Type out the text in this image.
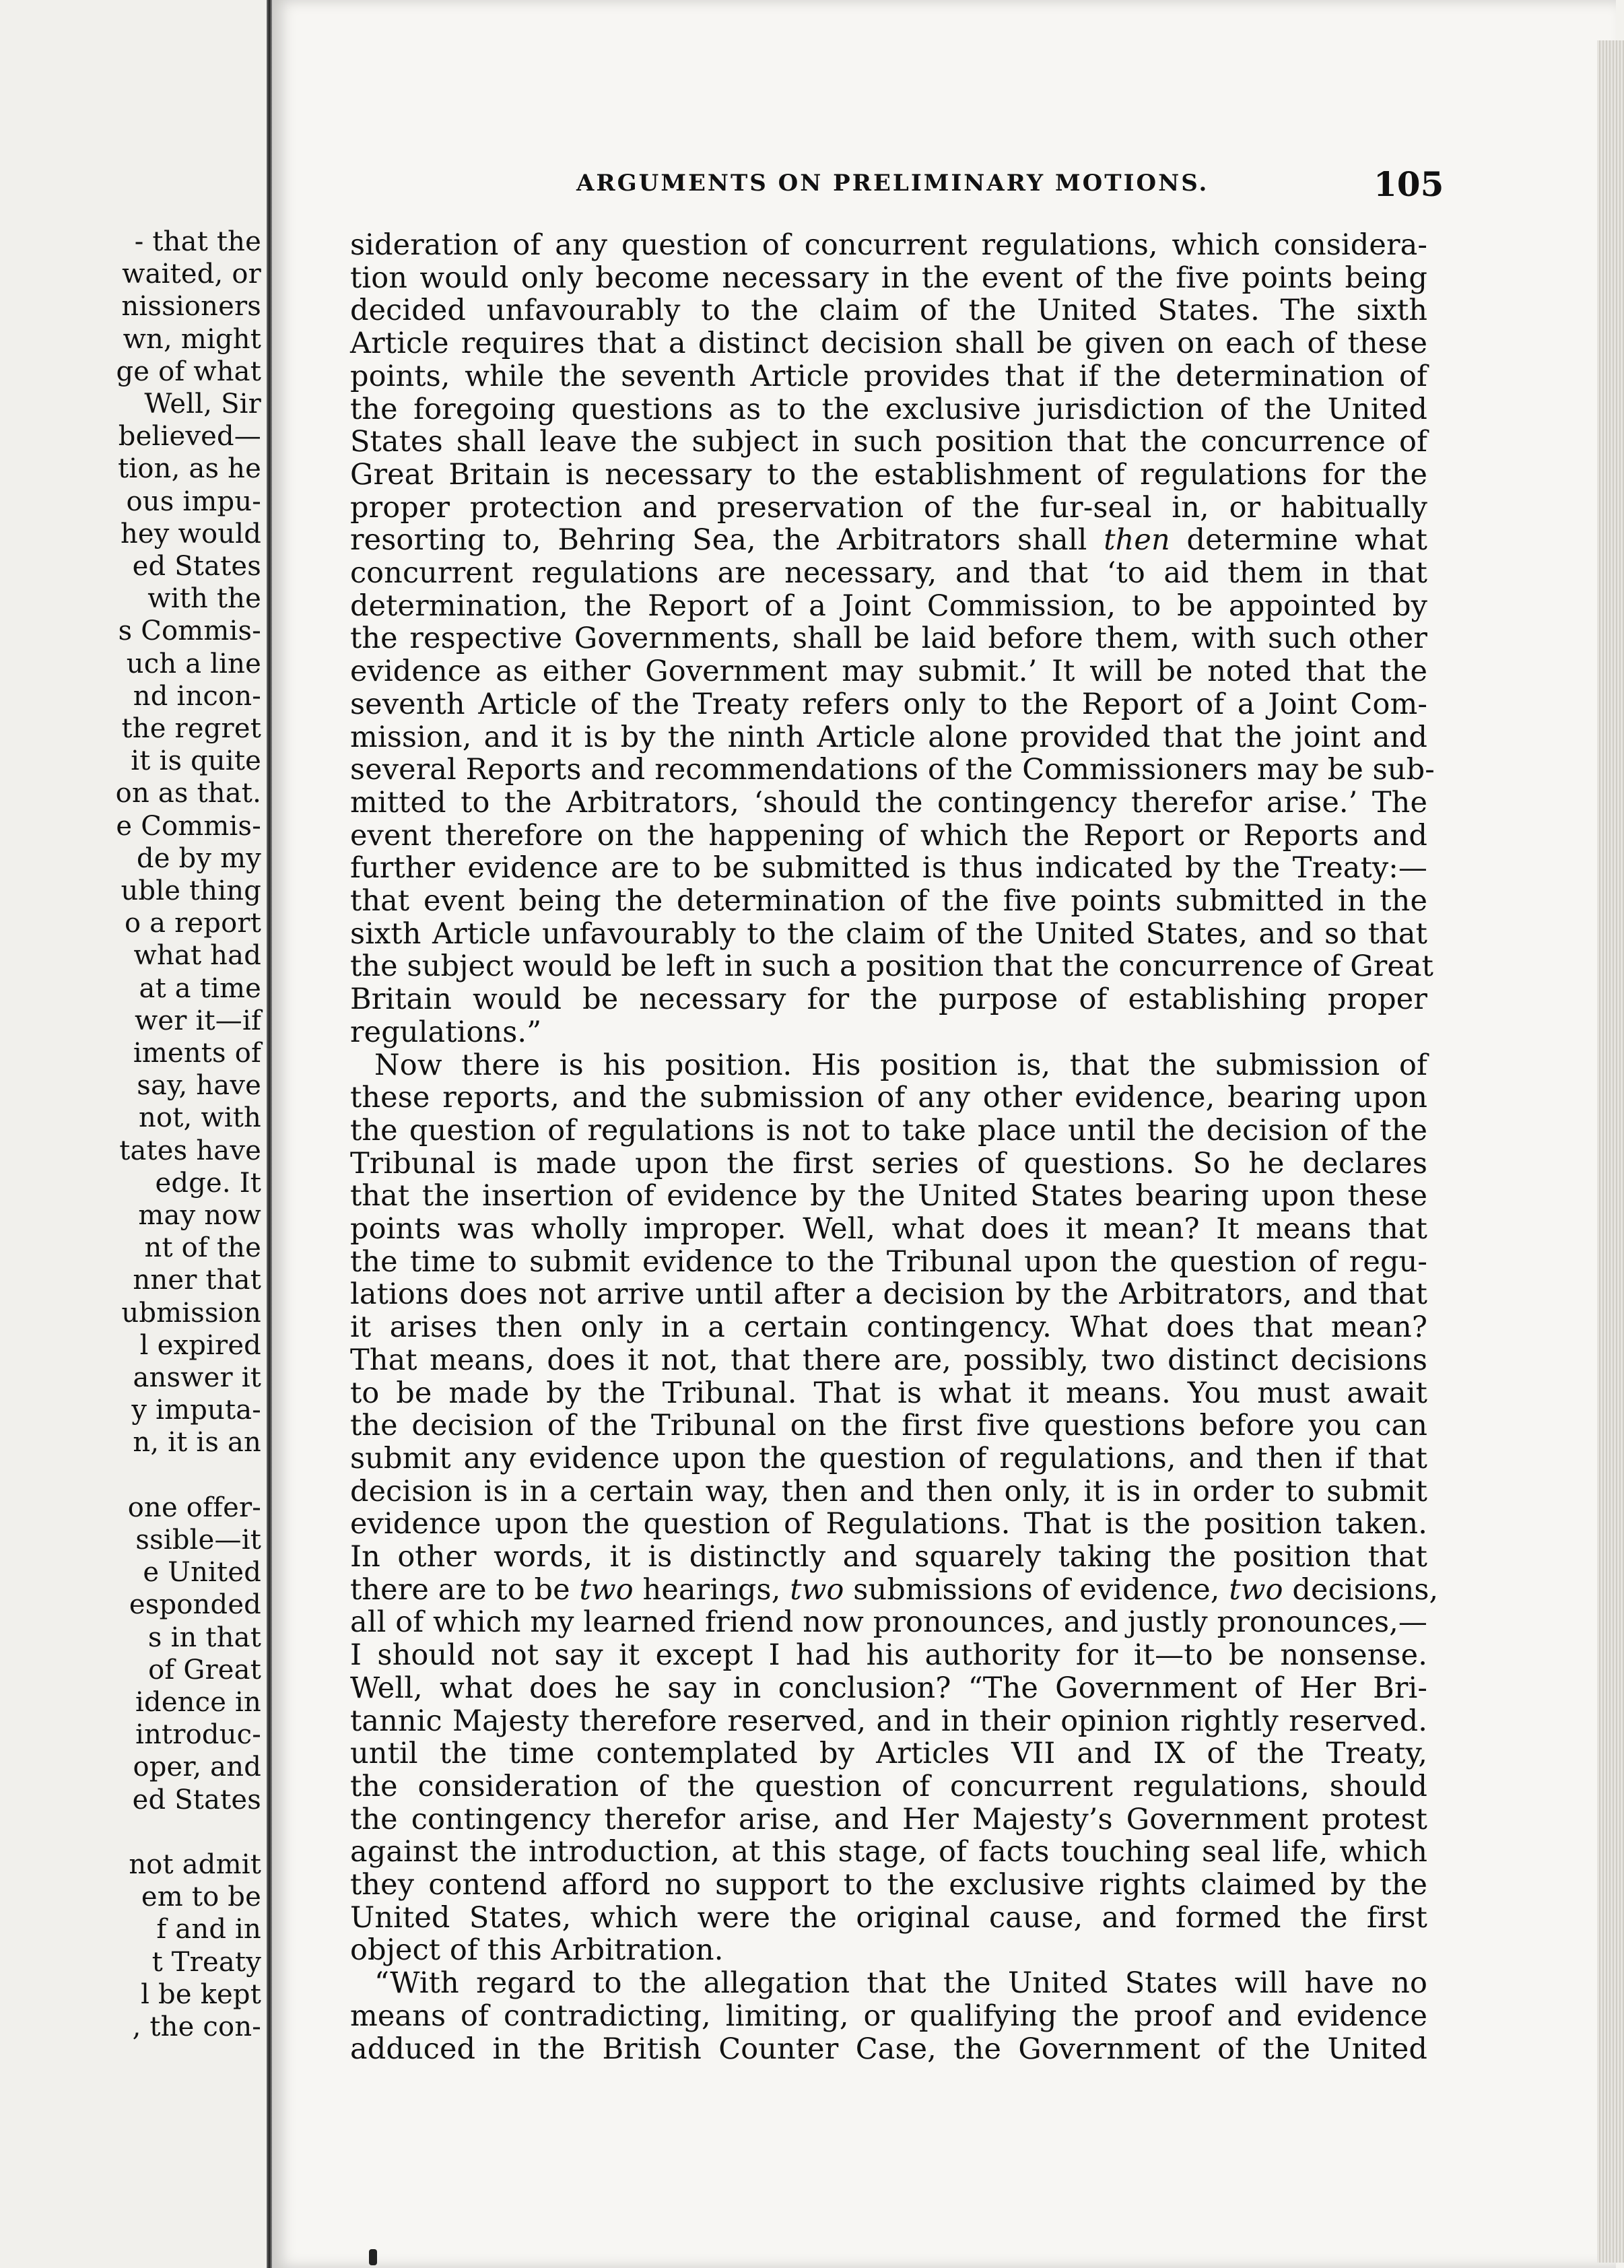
- that the
waited, or
nissioners
wn, might
ge of what
Well, Sir
believed—
tion, as he
ous impu-
hey would
ed States
with the
s Commis-
uch a line
nd incon-
the regret
it is quite
on as that.
e Commis-
de by my
uble thing
o a report
what had
at a time
wer it—if
iments of
say, have
not, with
tates have
edge. It
may now
nt of the
nner that
ubmission
l expired
answer it
y imputa-
n, it is an
one offer-
ssible—it
e United
esponded
s in that
of Great
idence in
introduc-
oper, and
ed States
not admit
em to be
f and in
t Treaty
l be kept
, the con-
ARGUMENTS ON PRELIMINARY MOTIONS.	105
sideration of any question of concurrent regulations, which considera-
tion would only become necessary in the event of the five points being
decided unfavourably to the claim of the United States. The sixth
Article requires that a distinct decision shall be given on each of these
points, while the seventh Article provides that if the determination of
the foregoing questions as to the exclusive jurisdiction of the United
States shall leave the subject in such position that the concurrence of
Great Britain is necessary to the establishment of regulations for the
proper protection and preservation of the fur-seal in, or habitually
resorting to, Behring Sea, the Arbitrators shall then determine what
concurrent regulations are necessary, and that ‘to aid them in that
determination, the Report of a Joint Commission, to be appointed by
the respective Governments, shall be laid before them, with such other
evidence as either Government may submit.’ It will be noted that the
seventh Article of the Treaty refers only to the Report of a Joint Com-
mission, and it is by the ninth Article alone provided that the joint and
several Reports and recommendations of the Commissioners may be sub-
mitted to the Arbitrators, ‘should the contingency therefor arise.’ The
event therefore on the happening of which the Report or Reports and
further evidence are to be submitted is thus indicated by the Treaty:—
that event being the determination of the five points submitted in the
sixth Article unfavourably to the claim of the United States, and so that
the subject would be left in such a position that the concurrence of Great
Britain would be necessary for the purpose of establishing proper
regulations.”
Now there is his position. His position is, that the submission of
these reports, and the submission of any other evidence, bearing upon
the question of regulations is not to take place until the decision of the
Tribunal is made upon the first series of questions. So he declares
that the insertion of evidence by the United States bearing upon these
points was wholly improper. Well, what does it mean? It means that
the time to submit evidence to the Tribunal upon the question of regu-
lations does not arrive until after a decision by the Arbitrators, and that
it arises then only in a certain contingency. What does that mean?
That means, does it not, that there are, possibly, two distinct decisions
to be made by the Tribunal. That is what it means. You must await
the decision of the Tribunal on the first five questions before you can
submit any evidence upon the question of regulations, and then if that
decision is in a certain way, then and then only, it is in order to submit
evidence upon the question of Regulations. That is the position taken.
In other words, it is distinctly and squarely taking the position that
there are to be two hearings, two submissions of evidence, two decisions,
all of which my learned friend now pronounces, and justly pronounces,—
I should not say it except I had his authority for it—to be nonsense.
Well, what does he say in conclusion? “The Government of Her Bri-
tannic Majesty therefore reserved, and in their opinion rightly reserved.
until the time contemplated by Articles VII and IX of the Treaty,
the consideration of the question of concurrent regulations, should
the contingency therefor arise, and Her Majesty’s Government protest
against the introduction, at this stage, of facts touching seal life, which
they contend afford no support to the exclusive rights claimed by the
United States, which were the original cause, and formed the first
object of this Arbitration.
“With regard to the allegation that the United States will have no
means of contradicting, limiting, or qualifying the proof and evidence
adduced in the British Counter Case, the Government of the United
